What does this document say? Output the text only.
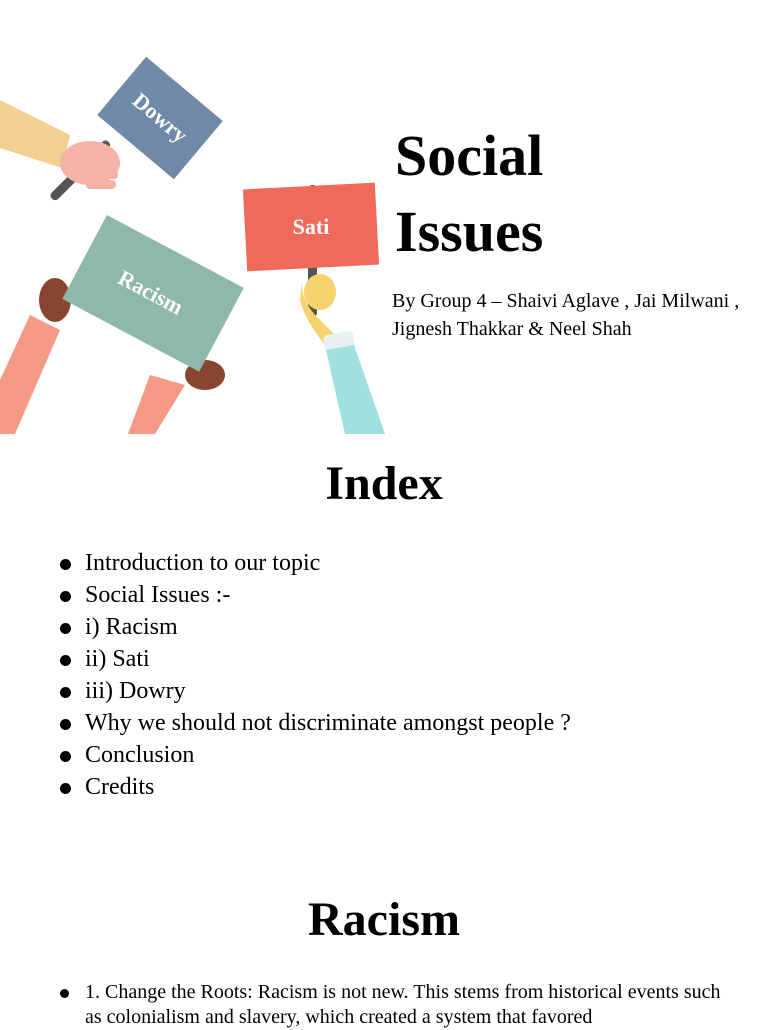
Dowry
Sati
Racism
Social
Issues
By Group 4 – Shaivi Aglave , Jai Milwani , Jignesh Thakkar & Neel Shah
Index
Introduction to our topic
Social Issues :-
i) Racism
ii) Sati
iii) Dowry
Why we should not discriminate amongst people ?
Conclusion
Credits
Racism
1. Change the Roots: Racism is not new. This stems from historical events such as colonialism and slavery, which created a system that favored
